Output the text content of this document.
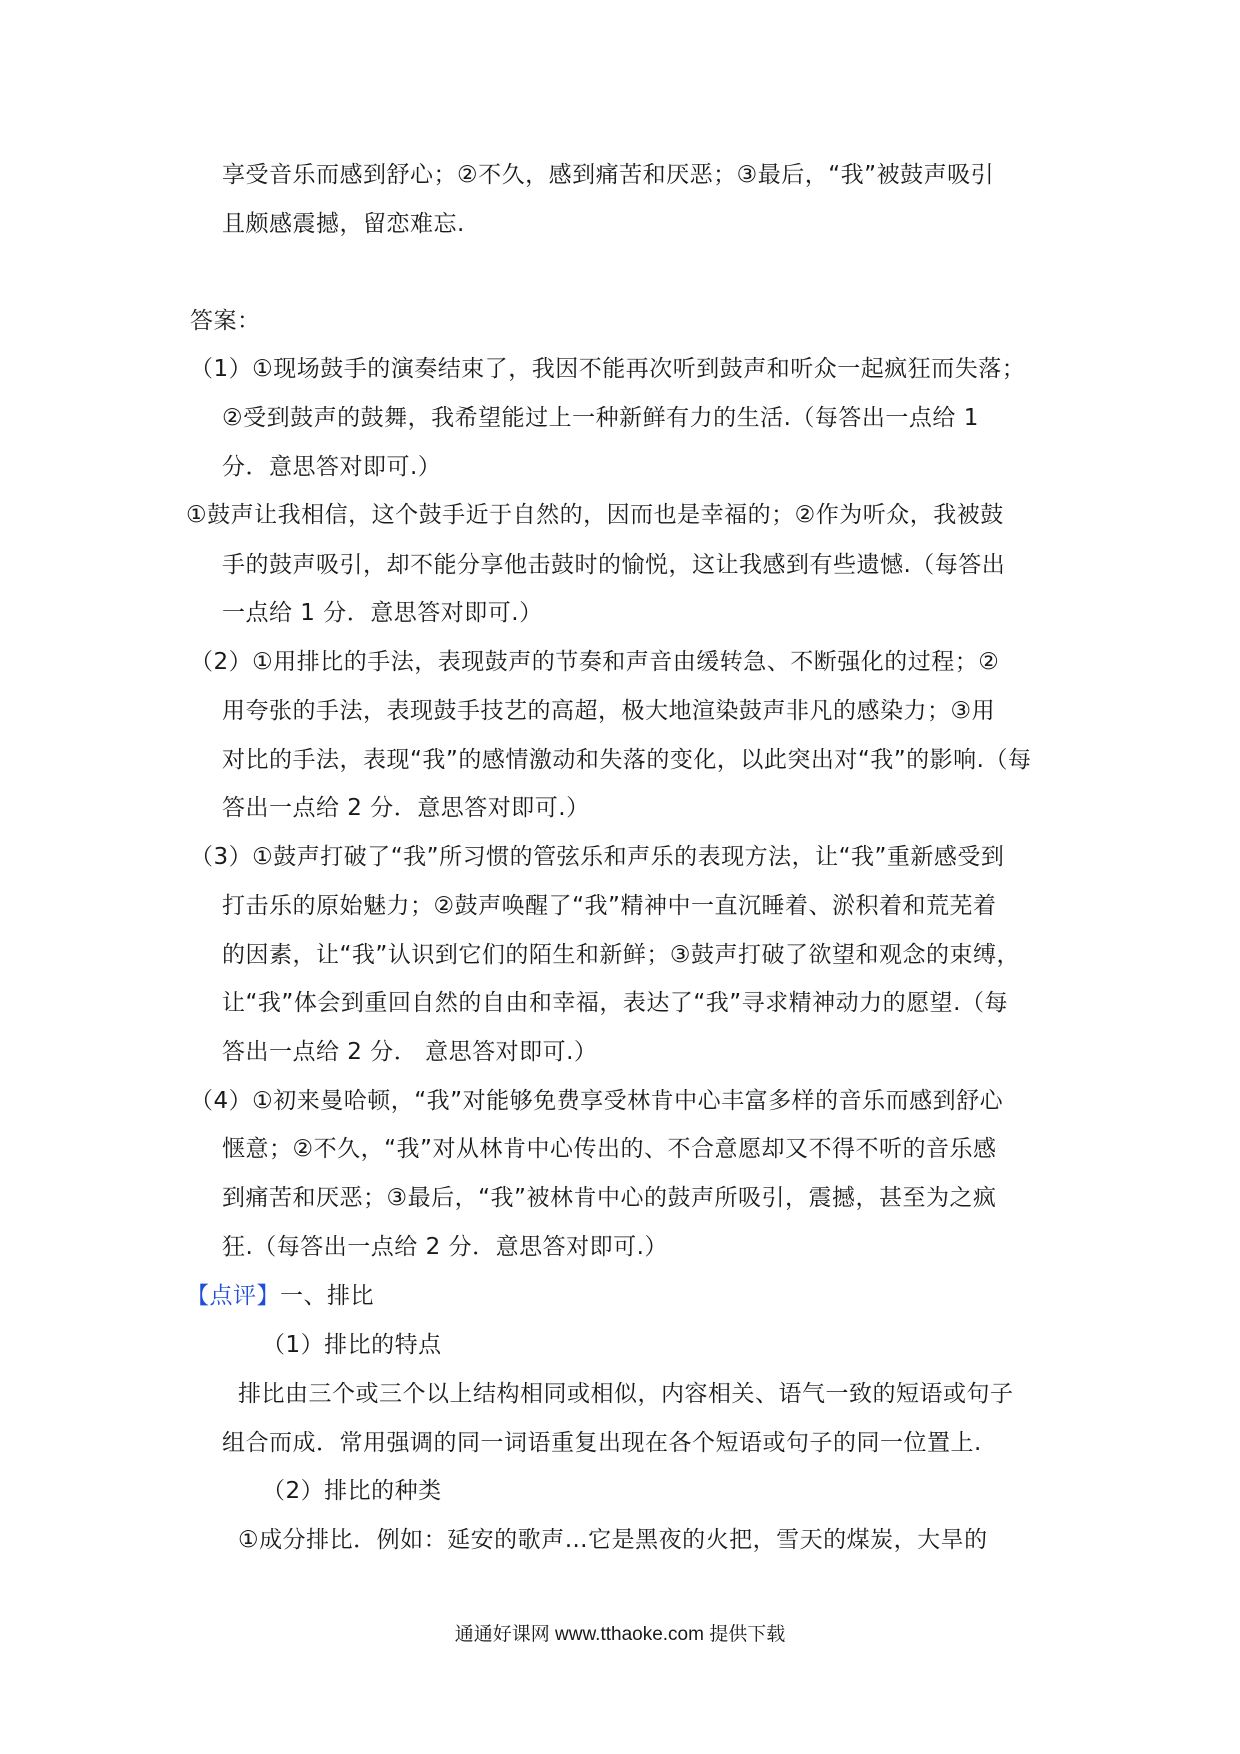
享受音乐而感到舒心；②不久，感到痛苦和厌恶；③最后，“我”被鼓声吸引
且颇感震撼，留恋难忘.
答案：
（1）①现场鼓手的演奏结束了，我因不能再次听到鼓声和听众一起疯狂而失落；
②受到鼓声的鼓舞，我希望能过上一种新鲜有力的生活.（每答出一点给 1
分．意思答对即可.）
①鼓声让我相信，这个鼓手近于自然的，因而也是幸福的；②作为听众，我被鼓
手的鼓声吸引，却不能分享他击鼓时的愉悦，这让我感到有些遗憾.（每答出
一点给 1 分．意思答对即可.）
（2）①用排比的手法，表现鼓声的节奏和声音由缓转急、不断强化的过程；②
用夸张的手法，表现鼓手技艺的高超，极大地渲染鼓声非凡的感染力；③用
对比的手法，表现“我”的感情激动和失落的变化，以此突出对“我”的影响.（每
答出一点给 2 分．意思答对即可.）
（3）①鼓声打破了“我”所习惯的管弦乐和声乐的表现方法，让“我”重新感受到
打击乐的原始魅力；②鼓声唤醒了“我”精神中一直沉睡着、淤积着和荒芜着
的因素，让“我”认识到它们的陌生和新鲜；③鼓声打破了欲望和观念的束缚，
让“我”体会到重回自然的自由和幸福，表达了“我”寻求精神动力的愿望.（每
答出一点给 2 分． 意思答对即可.）
（4）①初来曼哈顿，“我”对能够免费享受林肯中心丰富多样的音乐而感到舒心
惬意；②不久，“我”对从林肯中心传出的、不合意愿却又不得不听的音乐感
到痛苦和厌恶；③最后，“我”被林肯中心的鼓声所吸引，震撼，甚至为之疯
狂.（每答出一点给 2 分．意思答对即可.）
【点评】一、排比
（1）排比的特点
排比由三个或三个以上结构相同或相似，内容相关、语气一致的短语或句子
组合而成．常用强调的同一词语重复出现在各个短语或句子的同一位置上.
（2）排比的种类
①成分排比．例如：延安的歌声…它是黑夜的火把，雪天的煤炭，大旱的
通通好课网 www.tthaoke.com 提供下载
